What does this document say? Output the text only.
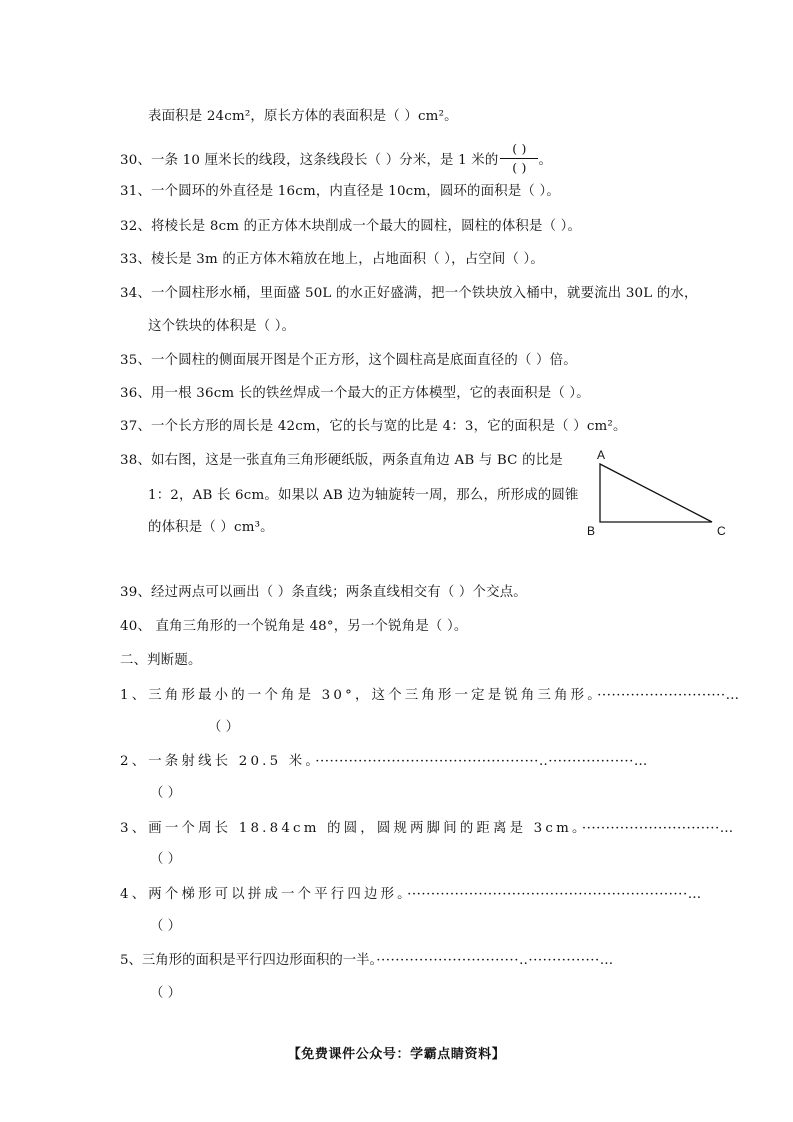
表面积是 24cm²，原长方体的表面积是（ ）cm²。
30、一条 10 厘米长的线段，这条线段长（ ）分米，是 1 米的 $\frac{( )}{( )}$ 。
31、一个圆环的外直径是 16cm，内直径是 10cm，圆环的面积是（ ）。
32、将棱长是 8cm 的正方体木块削成一个最大的圆柱，圆柱的体积是（ ）。
33、棱长是 3m 的正方体木箱放在地上，占地面积（ ），占空间（ ）。
34、一个圆柱形水桶，里面盛 50L 的水正好盛满，把一个铁块放入桶中，就要流出 30L 的水，
这个铁块的体积是（ ）。
35、一个圆柱的侧面展开图是个正方形，这个圆柱高是底面直径的（ ）倍。
36、用一根 36cm 长的铁丝焊成一个最大的正方体模型，它的表面积是（ ）。
37、一个长方形的周长是 42cm，它的长与宽的比是 4：3，它的面积是（ ）cm²。
38、如右图，这是一张直角三角形硬纸版，两条直角边 AB 与 BC 的比是
1：2，AB 长 6cm。如果以 AB 边为轴旋转一周，那么，所形成的圆锥
的体积是（ ）cm³。
A
B	C
39、经过两点可以画出（ ）条直线；两条直线相交有（ ）个交点。
40、 直角三角形的一个锐角是 48°，另一个锐角是（ ）。
二、判断题。
1、三角形最小的一个角是 30°，这个三角形一定是锐角三角形。···························…
（ ）
2、一条射线长 20.5 米。···············································‥··················…
（ ）
3、画一个周长 18.84cm 的圆，圆规两脚间的距离是 3cm。·····························…
（ ）
4、两个梯形可以拼成一个平行四边形。···························································…
（ ）
5、三角形的面积是平行四边形面积的一半。······························‥···············…
（ ）
【免费课件公众号：学霸点睛资料】
